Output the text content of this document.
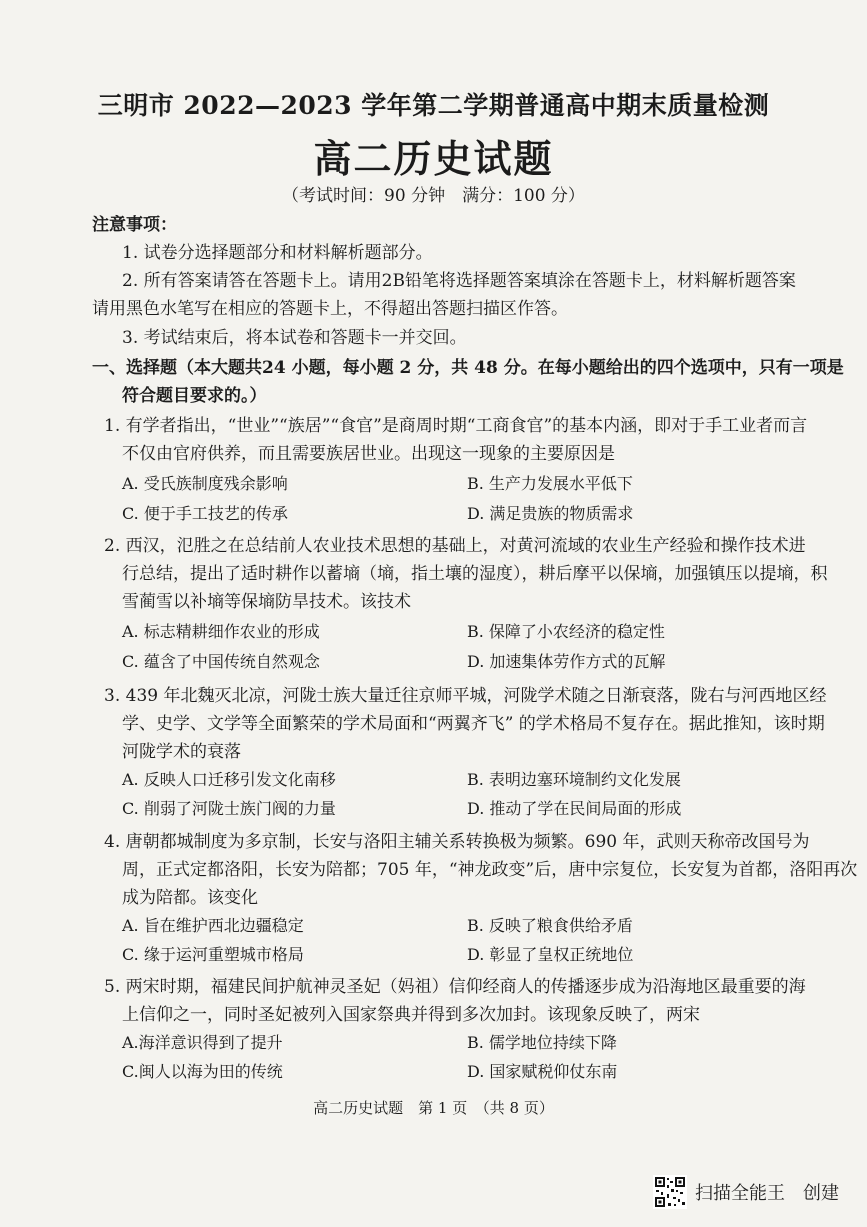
三明市 2022—2023 学年第二学期普通高中期末质量检测
高二历史试题
（考试时间：90 分钟　满分：100 分）
注意事项：
1. 试卷分选择题部分和材料解析题部分。
2. 所有答案请答在答题卡上。请用2B铅笔将选择题答案填涂在答题卡上，材料解析题答案
请用黑色水笔写在相应的答题卡上，不得超出答题扫描区作答。
3. 考试结束后，将本试卷和答题卡一并交回。
一、选择题（本大题共24 小题，每小题 2 分，共 48 分。在每小题给出的四个选项中，只有一项是
符合题目要求的。）
1. 有学者指出，“世业”“族居”“食官”是商周时期“工商食官”的基本内涵，即对于手工业者而言
不仅由官府供养，而且需要族居世业。出现这一现象的主要原因是
A. 受氏族制度残余影响	B. 生产力发展水平低下
C. 便于手工技艺的传承	D. 满足贵族的物质需求
2. 西汉，氾胜之在总结前人农业技术思想的基础上，对黄河流域的农业生产经验和操作技术进
行总结，提出了适时耕作以蓄墒（墒，指土壤的湿度），耕后摩平以保墒，加强镇压以提墒，积
雪蔺雪以补墒等保墒防旱技术。该技术
A. 标志精耕细作农业的形成	B. 保障了小农经济的稳定性
C. 蕴含了中国传统自然观念	D. 加速集体劳作方式的瓦解
3. 439 年北魏灭北凉，河陇士族大量迁往京师平城，河陇学术随之日渐衰落，陇右与河西地区经
学、史学、文学等全面繁荣的学术局面和“两翼齐飞” 的学术格局不复存在。据此推知，该时期
河陇学术的衰落
A. 反映人口迁移引发文化南移	B. 表明边塞环境制约文化发展
C. 削弱了河陇士族门阀的力量	D. 推动了学在民间局面的形成
4. 唐朝都城制度为多京制，长安与洛阳主辅关系转换极为频繁。690 年，武则天称帝改国号为
周，正式定都洛阳，长安为陪都；705 年，“神龙政变”后，唐中宗复位，长安复为首都，洛阳再次
成为陪都。该变化
A. 旨在维护西北边疆稳定	B. 反映了粮食供给矛盾
C. 缘于运河重塑城市格局	D. 彰显了皇权正统地位
5. 两宋时期，福建民间护航神灵圣妃（妈祖）信仰经商人的传播逐步成为沿海地区最重要的海
上信仰之一，同时圣妃被列入国家祭典并得到多次加封。该现象反映了，两宋
A.海洋意识得到了提升	B. 儒学地位持续下降
C.闽人以海为田的传统	D. 国家赋税仰仗东南
高二历史试题　第 1 页　（共 8 页）
扫描全能王　创建
